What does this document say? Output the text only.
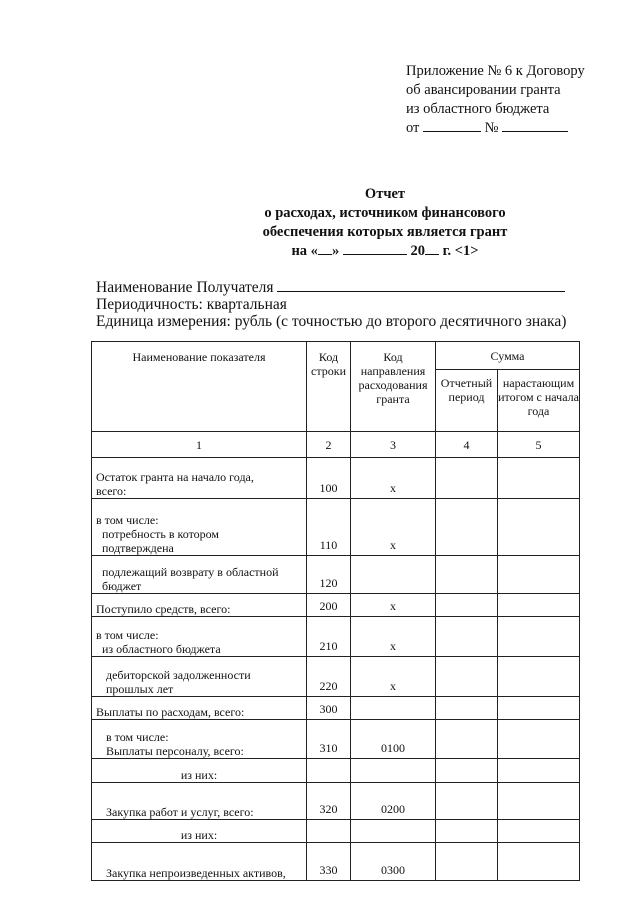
Приложение № 6 к Договору
об авансировании гранта
из областного бюджета
от	№
Отчет
о расходах, источником финансового
обеспечения которых является грант
на « »	20 г. <1>
Наименование Получателя
Периодичность: квартальная
Единица измерения: рубль (с точностью до второго десятичного знака)
Наименование показателя	Код строки	Код направления расходования гранта	Сумма	
			Отчетный период	нарастающим итогом с начала года
1	2	3	4	5

Остаток гранта на начало года,
всего:	100	x		

в том числе:
потребность в котором
подтверждена	110	x		

подлежащий возврату в областной
бюджет	120			

Поступило средств, всего:	200	x		

в том числе:
из областного бюджета	210	x		

дебиторской задолженности
прошлых лет	220	x		

Выплаты по расходам, всего:	300			

в том числе:
Выплаты персоналу, всего:	310	0100		

из них:				

Закупка работ и услуг, всего:	320	0200		

из них:				

Закупка непроизведенных активов,	330	0300		
